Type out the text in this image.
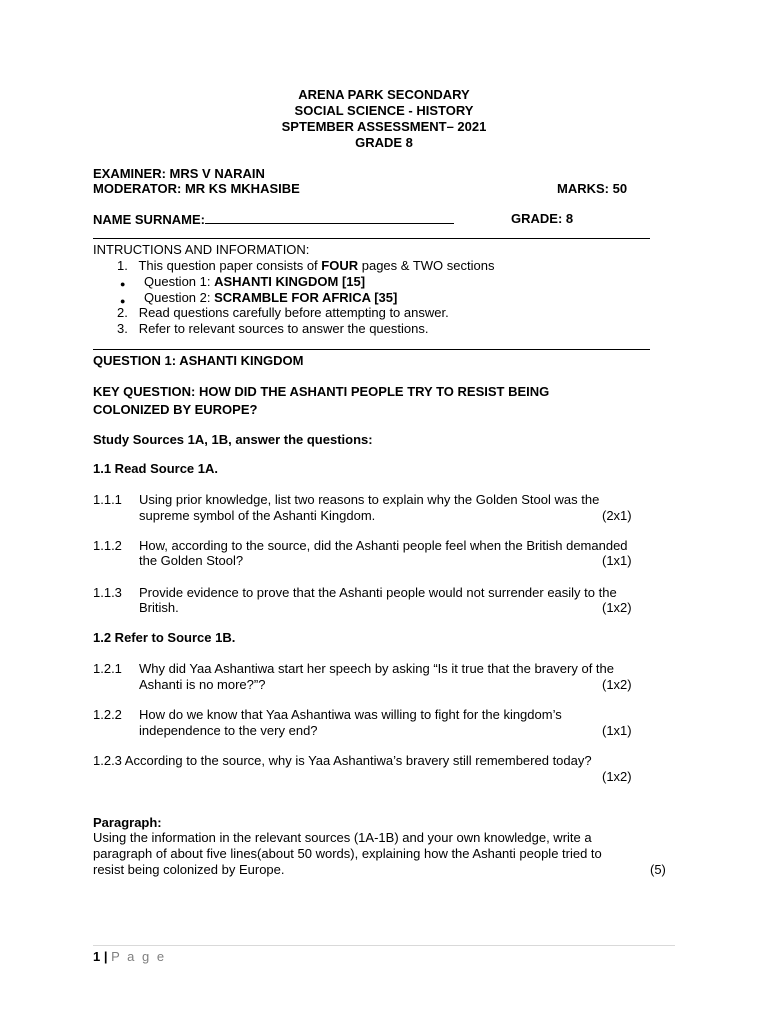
ARENA PARK SECONDARY
SOCIAL SCIENCE - HISTORY
SPTEMBER ASSESSMENT– 2021
GRADE 8
EXAMINER: MRS V NARAIN
MODERATOR: MR KS MKHASIBE	MARKS: 50
NAME SURNAME:	GRADE: 8
INTRUCTIONS AND INFORMATION:
1. This question paper consists of FOUR pages & TWO sections
● Question 1: ASHANTI KINGDOM [15]
● Question 2: SCRAMBLE FOR AFRICA [35]
2. Read questions carefully before attempting to answer.
3. Refer to relevant sources to answer the questions.
QUESTION 1: ASHANTI KINGDOM
KEY QUESTION: HOW DID THE ASHANTI PEOPLE TRY TO RESIST BEING
COLONIZED BY EUROPE?
Study Sources 1A, 1B, answer the questions:
1.1 Read Source 1A.
1.1.1 Using prior knowledge, list two reasons to explain why the Golden Stool was the
supreme symbol of the Ashanti Kingdom.	(2x1)
1.1.2 How, according to the source, did the Ashanti people feel when the British demanded
the Golden Stool?	(1x1)
1.1.3 Provide evidence to prove that the Ashanti people would not surrender easily to the
British.	(1x2)
1.2 Refer to Source 1B.
1.2.1 Why did Yaa Ashantiwa start her speech by asking “Is it true that the bravery of the
Ashanti is no more?”?	(1x2)
1.2.2 How do we know that Yaa Ashantiwa was willing to fight for the kingdom’s
independence to the very end?	(1x1)
1.2.3 According to the source, why is Yaa Ashantiwa’s bravery still remembered today?
(1x2)
Paragraph:
Using the information in the relevant sources (1A-1B) and your own knowledge, write a
paragraph of about five lines(about 50 words), explaining how the Ashanti people tried to
resist being colonized by Europe.	(5)
1 | P a g e
